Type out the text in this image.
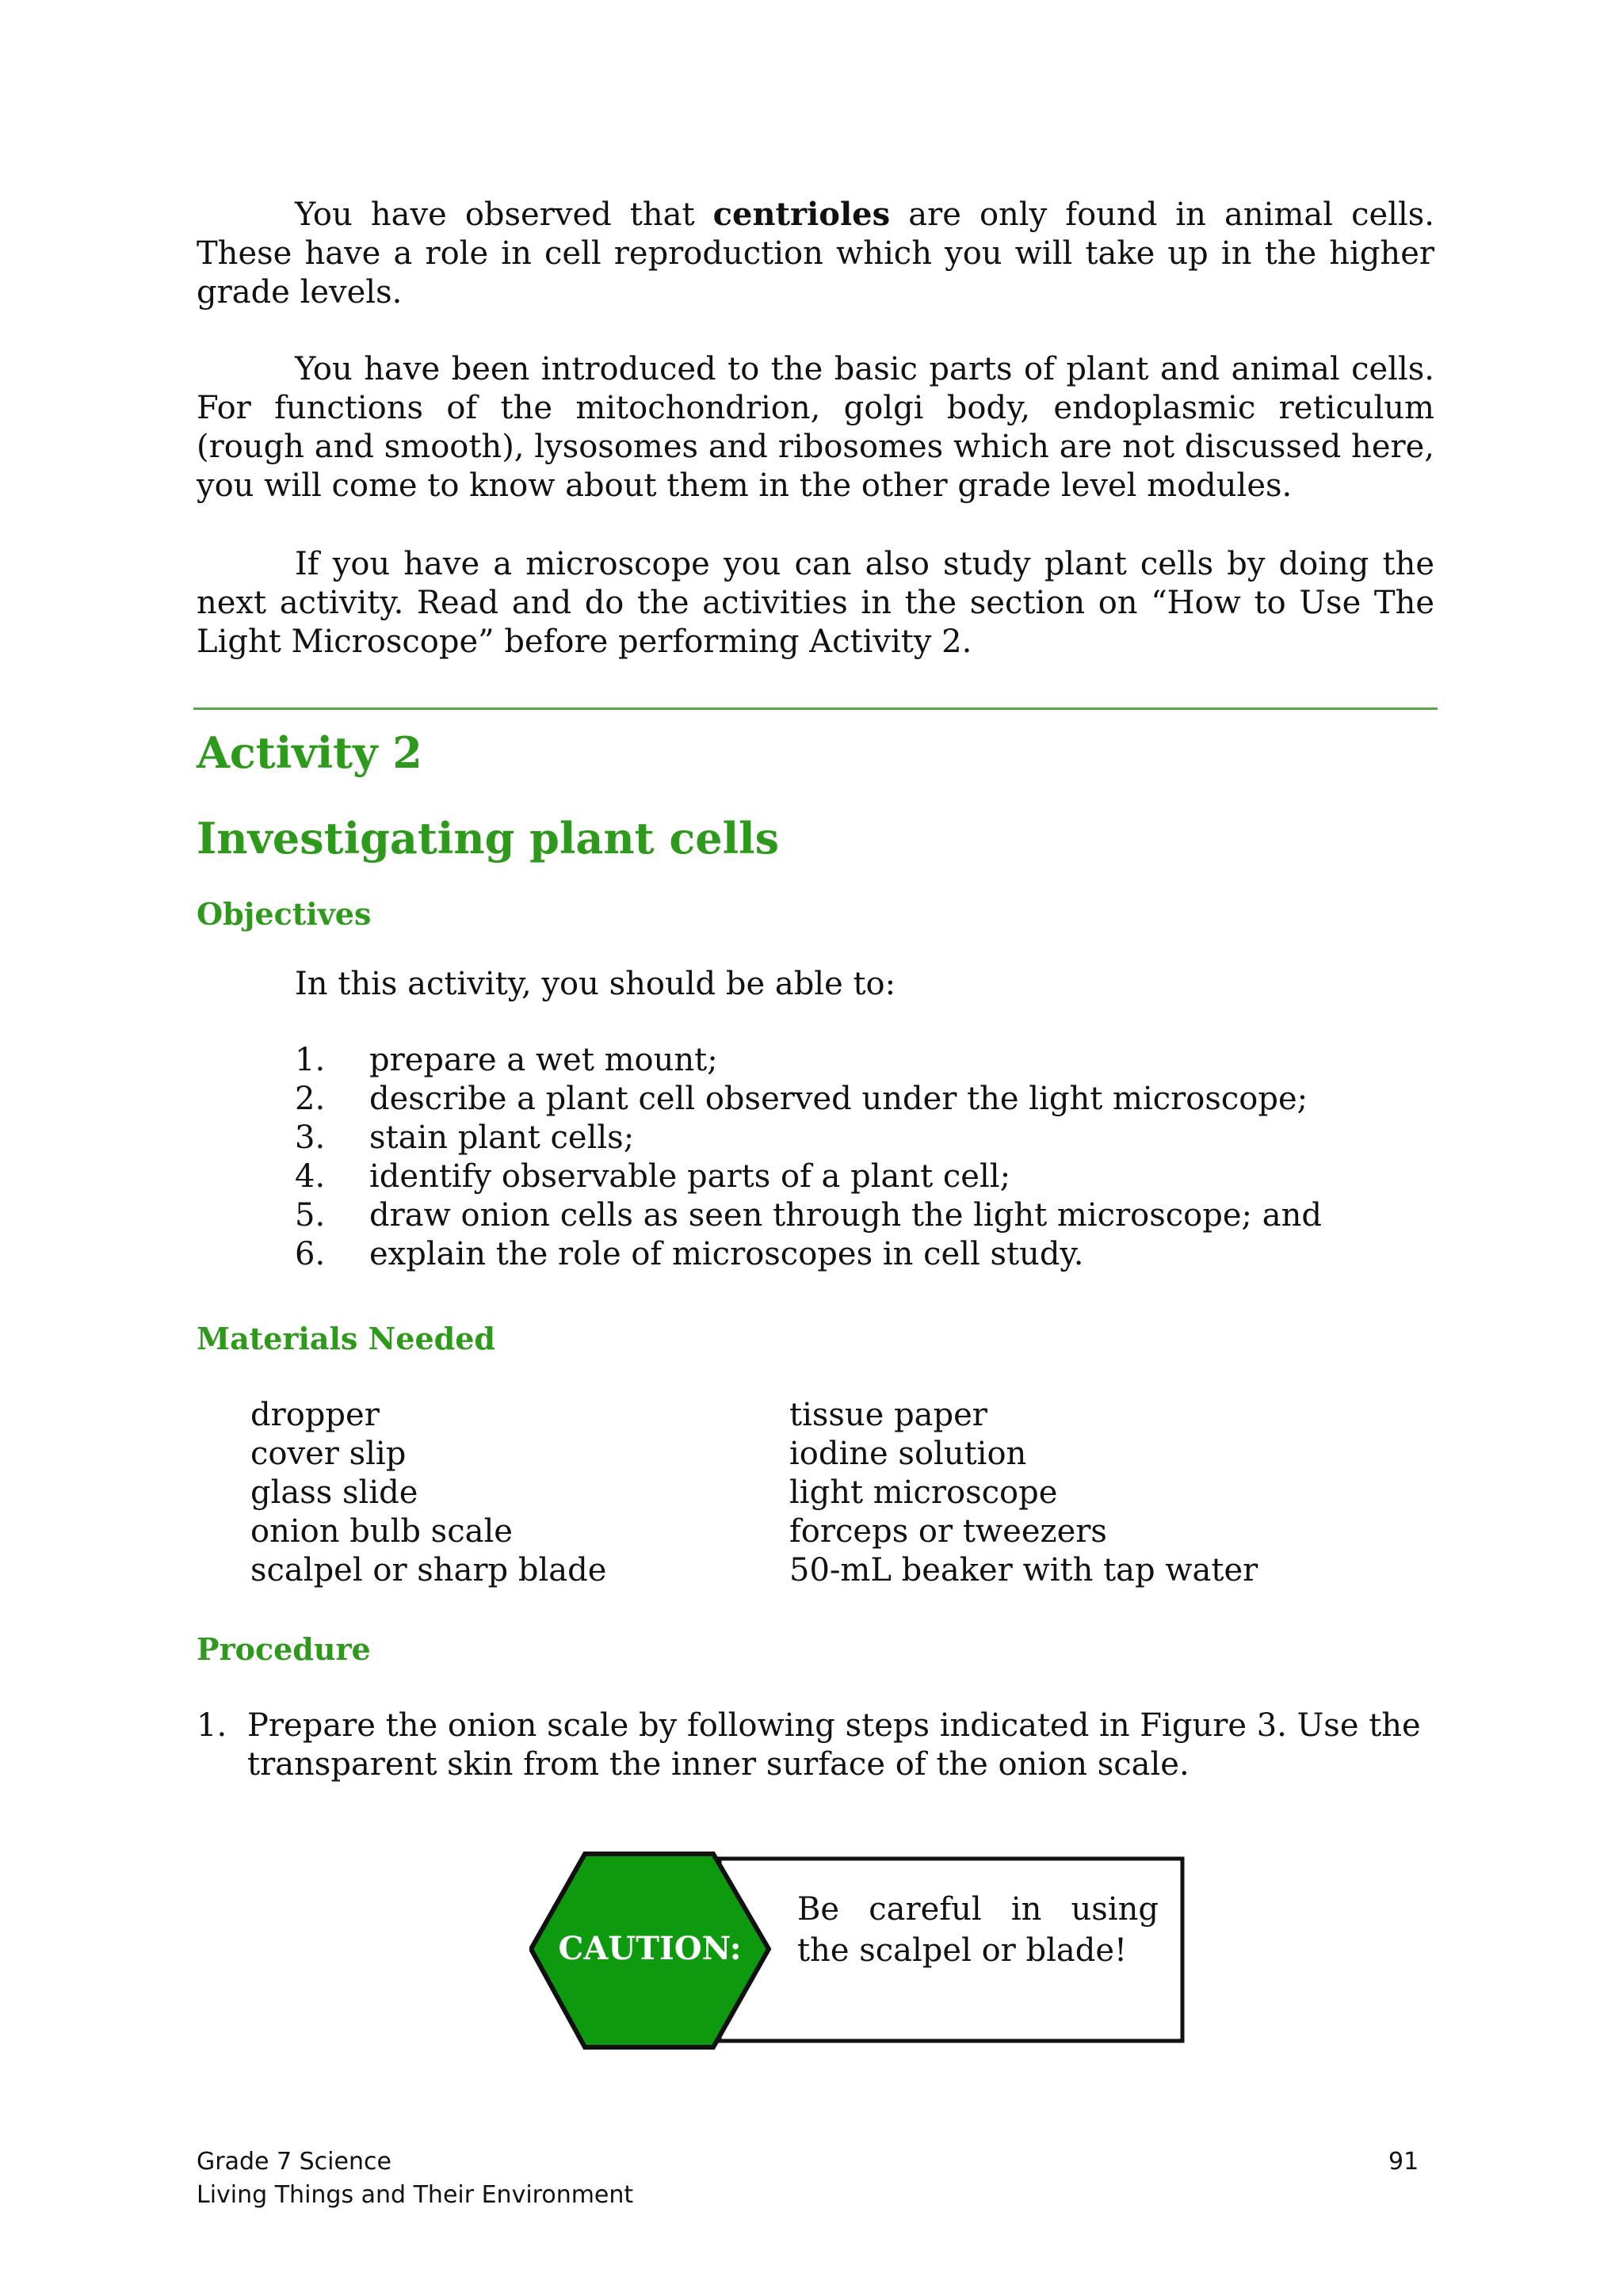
You have observed that centrioles are only found in animal cells. These have a role in cell reproduction which you will take up in the higher grade levels.

You have been introduced to the basic parts of plant and animal cells. For functions of the mitochondrion, golgi body, endoplasmic reticulum (rough and smooth), lysosomes and ribosomes which are not discussed here, you will come to know about them in the other grade level modules.

If you have a microscope you can also study plant cells by doing the next activity. Read and do the activities in the section on “How to Use The Light Microscope” before performing Activity 2.

Activity 2
Investigating plant cells
Objectives

In this activity, you should be able to:

1. prepare a wet mount;
2. describe a plant cell observed under the light microscope;
3. stain plant cells;
4. identify observable parts of a plant cell;
5. draw onion cells as seen through the light microscope; and
6. explain the role of microscopes in cell study.
Materials Needed
dropper
cover slip
glass slide
onion bulb scale
scalpel or sharp blade
tissue paper
iodine solution
light microscope
forceps or tweezers
50-mL beaker with tap water
Procedure
1. Prepare the onion scale by following steps indicated in Figure 3. Use the
transparent skin from the inner surface of the onion scale.
CAUTION:
Be careful in using the scalpel or blade!

Grade 7 Science

Living Things and Their Environment

91
